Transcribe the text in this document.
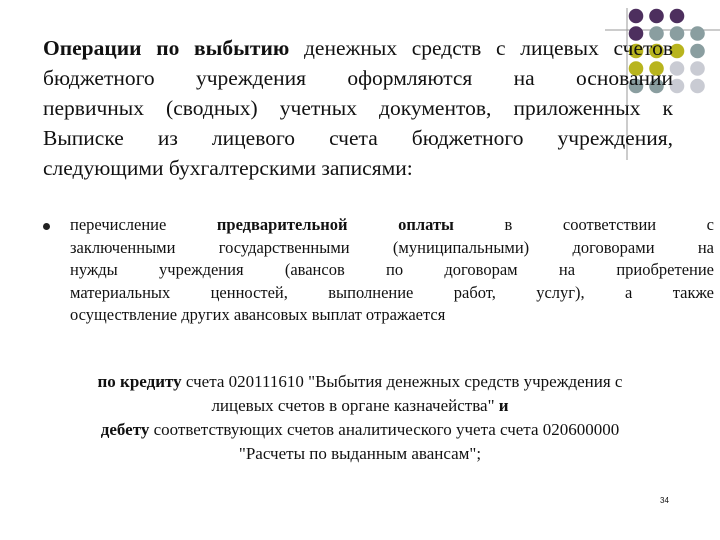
Операции по выбытию денежных средств с лицевых счетов
бюджетного учреждения оформляются на основании
первичных (сводных) учетных документов, приложенных к
Выписке из лицевого счета бюджетного учреждения,
следующими бухгалтерскими записями:
перечисление предварительной оплаты в соответствии с
заключенными государственными (муниципальными) договорами на
нужды учреждения (авансов по договорам на приобретение
материальных ценностей, выполнение работ, услуг), а также
осуществление других авансовых выплат отражается
по кредиту счета 020111610 "Выбытия денежных средств учреждения с
лицевых счетов в органе казначейства" и
дебету соответствующих счетов аналитического учета счета 020600000
"Расчеты по выданным авансам";
34
